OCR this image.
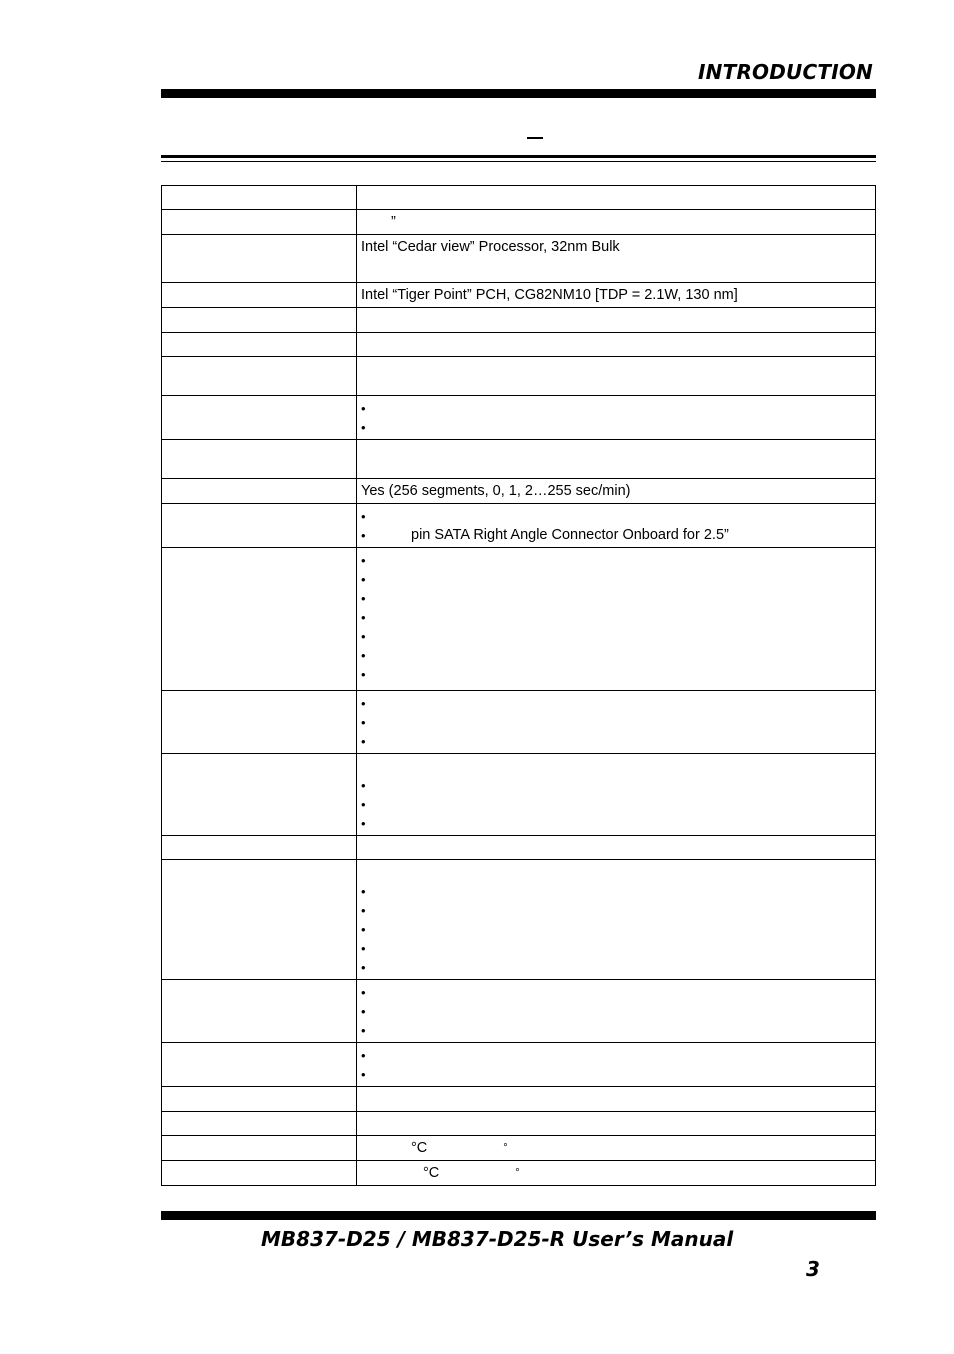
INTRODUCTION

	”
	Intel “Cedar view” Processor, 32nm Bulk
	Intel “Tiger Point” PCH, CG82NM10 [TDP = 2.1W, 130 nm]

•
•

	Yes (256 segments, 0, 1, 2…255 sec/min)

•
• pin SATA Right Angle Connector Onboard for 2.5”

•
•
•
•
•
•
•

•
•
•

•
•
•

•
•
•
•
•

•
•
•

•
•

	°C °
	°C °
MB837-D25 / MB837-D25-R User’s Manual
3
